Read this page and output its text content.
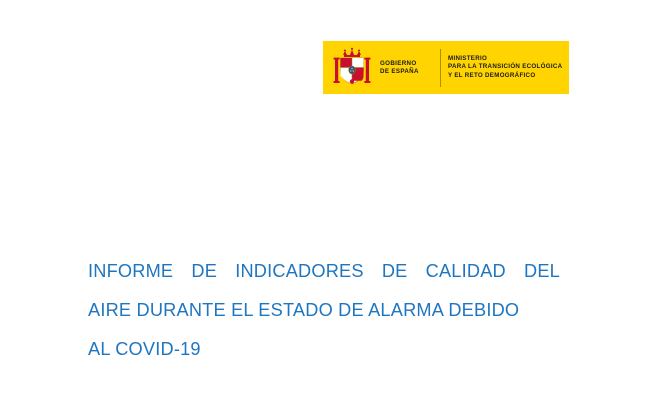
GOBIERNO
DE ESPAÑA
MINISTERIO
PARA LA TRANSICIÓN ECOLÓGICA
Y EL RETO DEMOGRÁFICO
INFORME DE INDICADORES DE CALIDAD DEL
AIRE DURANTE EL ESTADO DE ALARMA DEBIDO
AL COVID-19
